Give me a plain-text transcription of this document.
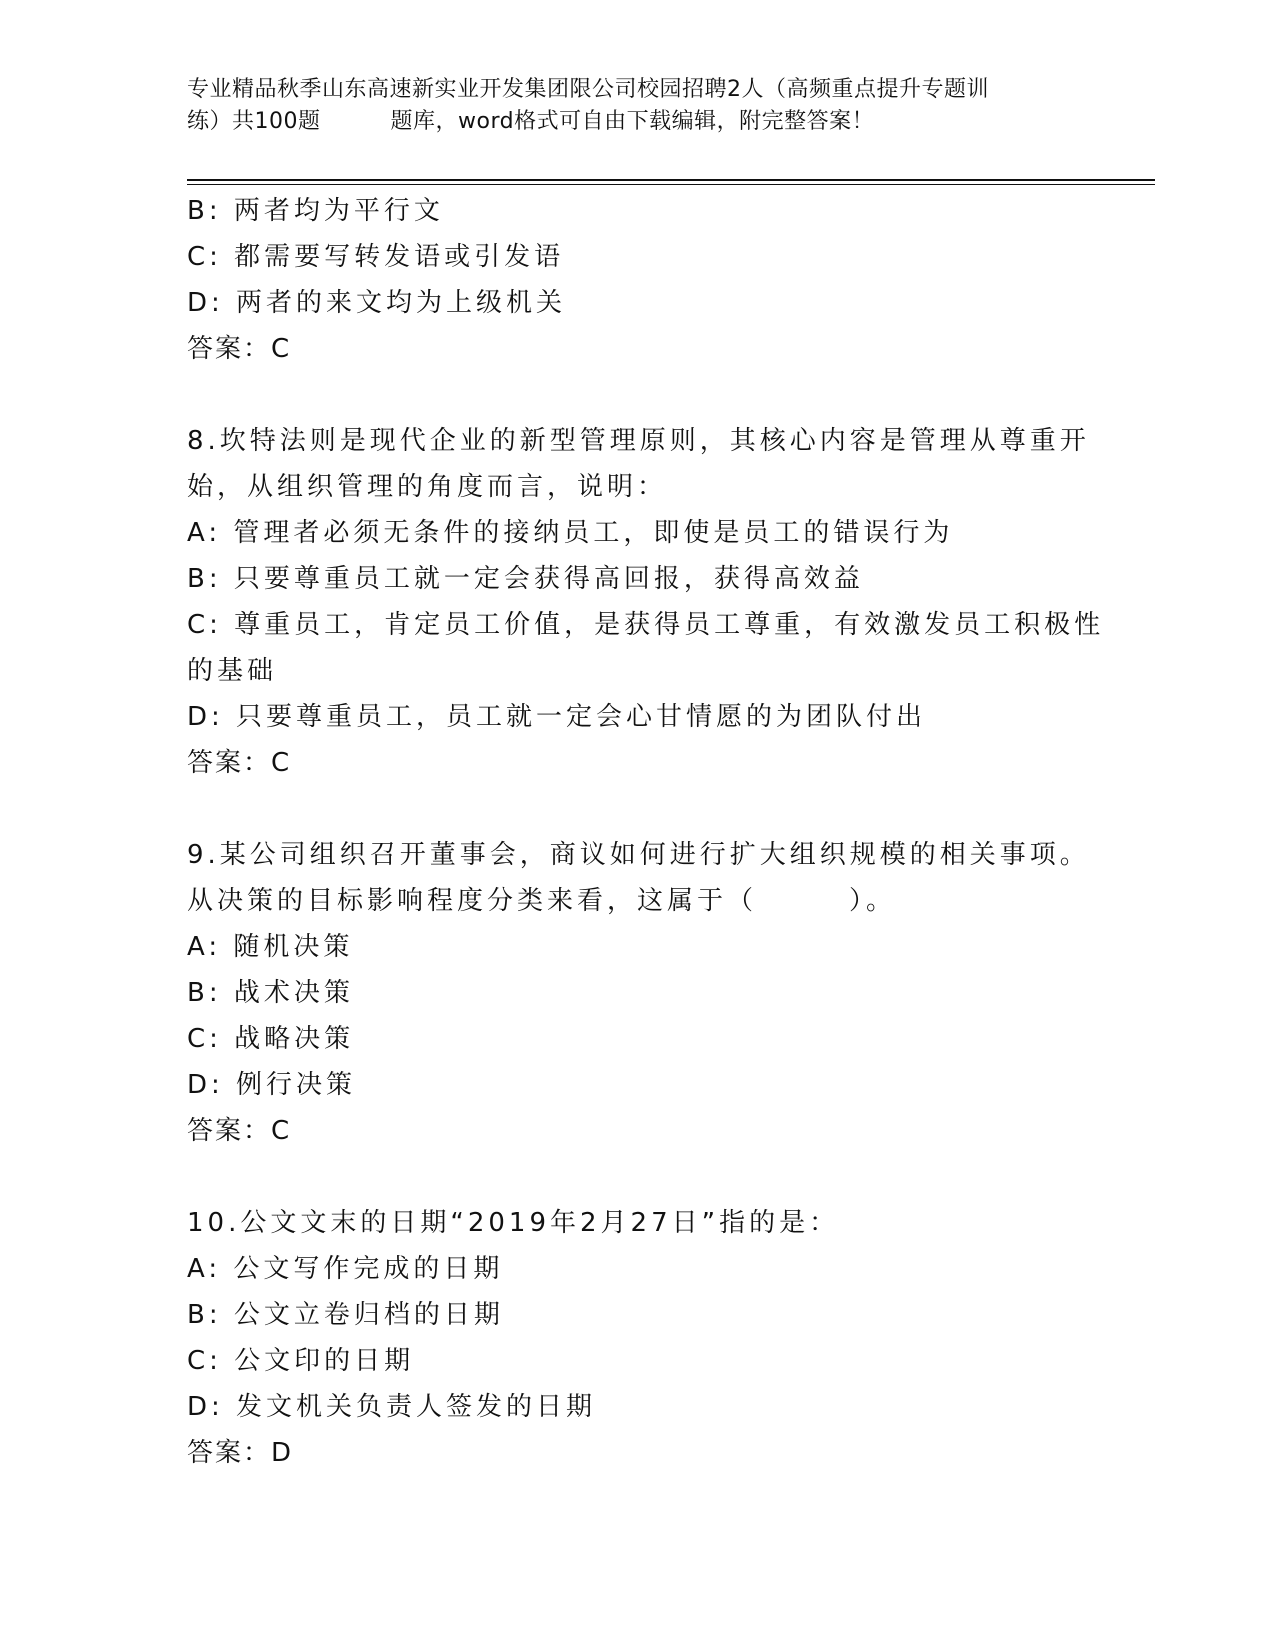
专业精品秋季山东高速新实业开发集团限公司校园招聘2人（高频重点提升专题训
练）共100题	题库，word格式可自由下载编辑，附完整答案！
B: 两者均为平行文
C: 都需要写转发语或引发语
D: 两者的来文均为上级机关
答案：C
8.坎特法则是现代企业的新型管理原则，其核心内容是管理从尊重开
始，从组织管理的角度而言，说明：
A: 管理者必须无条件的接纳员工，即使是员工的错误行为
B: 只要尊重员工就一定会获得高回报，获得高效益
C: 尊重员工，肯定员工价值，是获得员工尊重，有效激发员工积极性
的基础
D: 只要尊重员工，员工就一定会心甘情愿的为团队付出
答案：C
9.某公司组织召开董事会，商议如何进行扩大组织规模的相关事项。
从决策的目标影响程度分类来看，这属于（	）。
A: 随机决策
B: 战术决策
C: 战略决策
D: 例行决策
答案：C
10.公文文末的日期“2019年2月27日”指的是：
A: 公文写作完成的日期
B: 公文立卷归档的日期
C: 公文印的日期
D: 发文机关负责人签发的日期
答案：D
